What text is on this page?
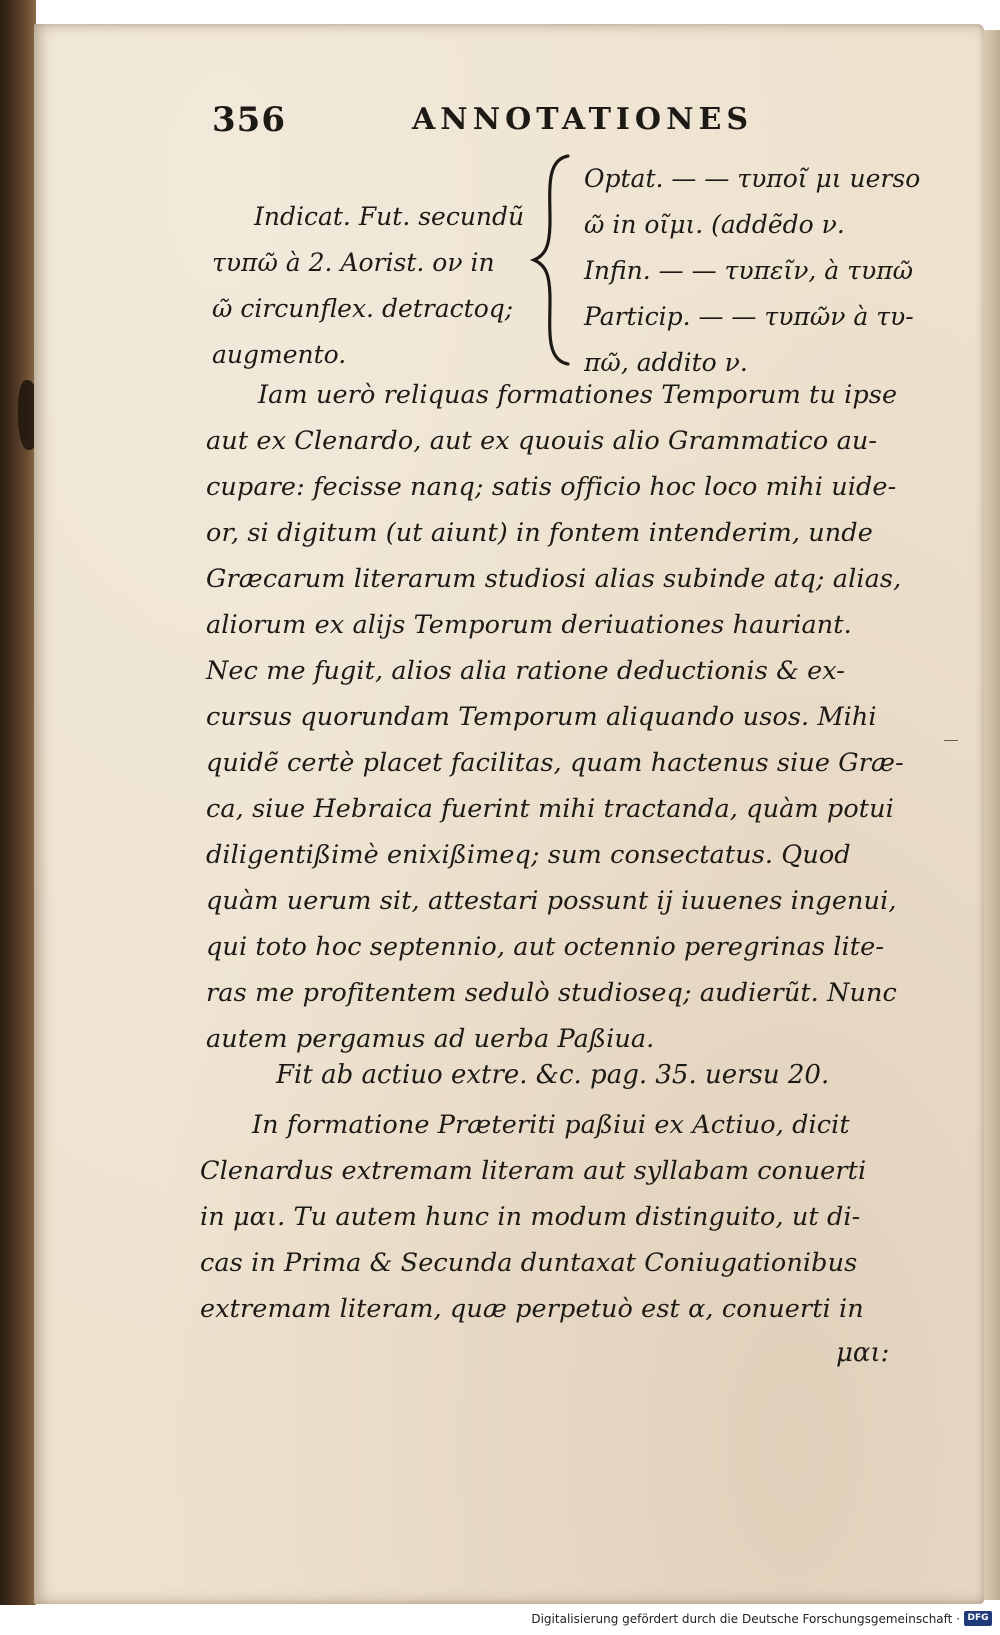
356	ANNOTATIONES
Indicat. Fut. secundũ
τυπῶ à 2. Aorist. ον in
ῶ circunflex. detractoq;
augmento.
Optat. — — τυποῖ μι uerso
ῶ in οῖμι. (addẽdo ν.
Infin. — — τυπεῖν, à τυπῶ
Particip. — — τυπῶν à τυ-
πῶ, addito ν.
Iam uerò reliquas formationes Temporum tu ipse
aut ex Clenardo, aut ex quouis alio Grammatico au-
cupare: fecisse nanq; satis officio hoc loco mihi uide-
or, si digitum (ut aiunt) in fontem intenderim, unde
Græcarum literarum studiosi alias subinde atq; alias,
aliorum ex alijs Temporum deriuationes hauriant.
Nec me fugit, alios alia ratione deductionis & ex-
cursus quorundam Temporum aliquando usos. Mihi
quidẽ certè placet facilitas, quam hactenus siue Græ-
ca, siue Hebraica fuerint mihi tractanda, quàm potui
diligentißimè enixißimeq; sum consectatus. Quod
quàm uerum sit, attestari possunt ij iuuenes ingenui,
qui toto hoc septennio, aut octennio peregrinas lite-
ras me profitentem sedulò studioseq; audierũt. Nunc
autem pergamus ad uerba Paßiua.
Fit ab actiuo extre. &c. pag. 35. uersu 20.
In formatione Præteriti paßiui ex Actiuo, dicit
Clenardus extremam literam aut syllabam conuerti
in μαι. Tu autem hunc in modum distinguito, ut di-
cas in Prima & Secunda duntaxat Coniugationibus
extremam literam, quæ perpetuò est α, conuerti in
μαι:
Digitalisierung gefördert durch die Deutsche Forschungsgemeinschaft · DFG
